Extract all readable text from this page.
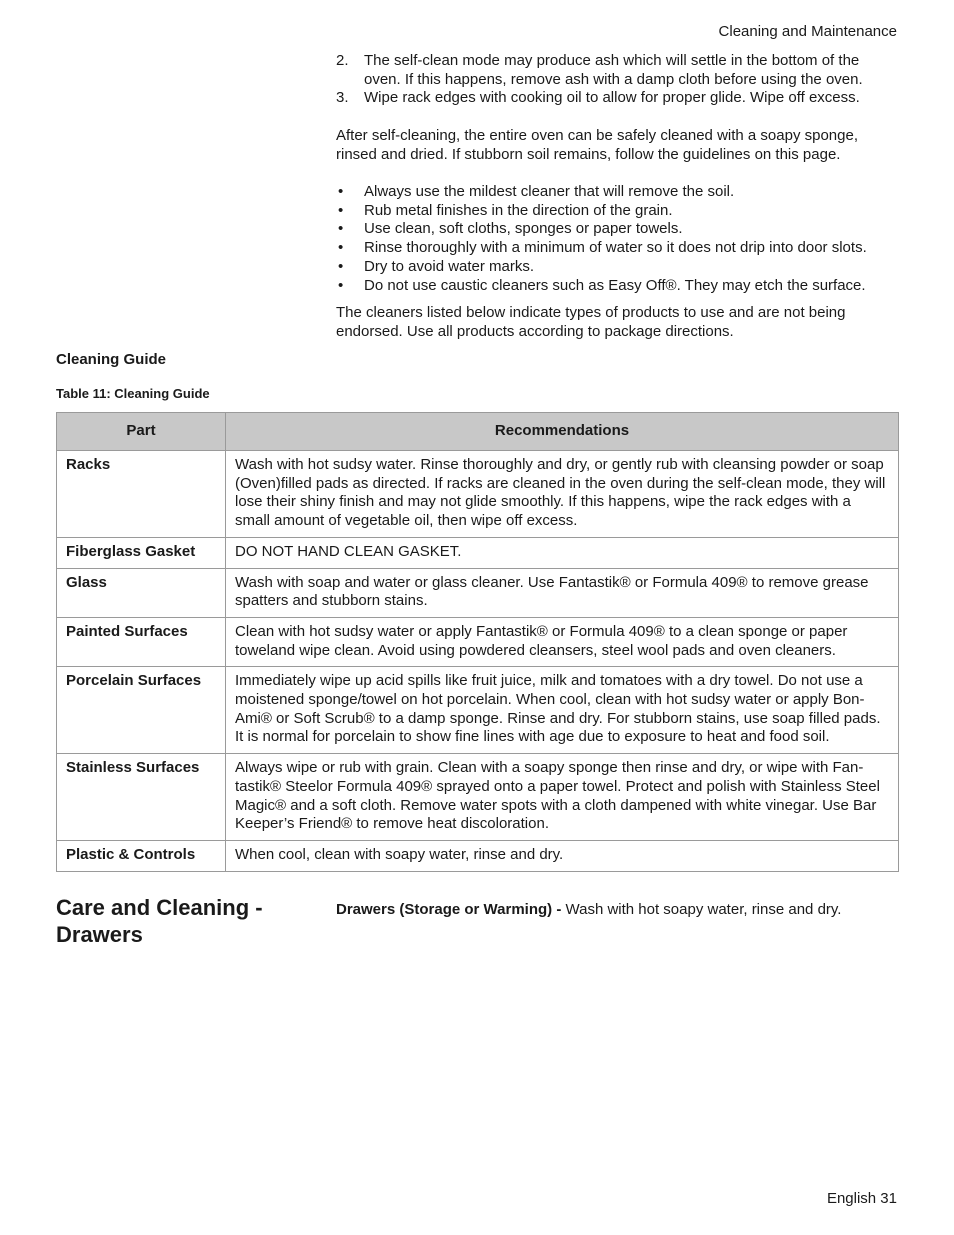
Cleaning and Maintenance
2. The self-clean mode may produce ash which will settle in the bottom of the oven. If this happens, remove ash with a damp cloth before using the oven.
3. Wipe rack edges with cooking oil to allow for proper glide. Wipe off excess.
After self-cleaning, the entire oven can be safely cleaned with a soapy sponge, rinsed and dried. If stubborn soil remains, follow the guidelines on this page.
• Always use the mildest cleaner that will remove the soil.
• Rub metal finishes in the direction of the grain.
• Use clean, soft cloths, sponges or paper towels.
• Rinse thoroughly with a minimum of water so it does not drip into door slots.
• Dry to avoid water marks.
• Do not use caustic cleaners such as Easy Off®. They may etch the surface.
The cleaners listed below indicate types of products to use and are not being endorsed. Use all products according to package directions.
Cleaning Guide
Table 11: Cleaning Guide
Part	Recommendations
Racks	Wash with hot sudsy water. Rinse thoroughly and dry, or gently rub with cleansing powder or soap (Oven)filled pads as directed. If racks are cleaned in the oven during the self-clean mode, they will lose their shiny finish and may not glide smoothly. If this happens, wipe the rack edges with a small amount of vegetable oil, then wipe off excess.
Fiberglass Gasket	DO NOT HAND CLEAN GASKET.
Glass	Wash with soap and water or glass cleaner. Use Fantastik® or Formula 409® to remove grease spatters and stubborn stains.
Painted Surfaces	Clean with hot sudsy water or apply Fantastik® or Formula 409® to a clean sponge or paper toweland wipe clean. Avoid using powdered cleansers, steel wool pads and oven cleaners.
Porcelain Surfaces	Immediately wipe up acid spills like fruit juice, milk and tomatoes with a dry towel. Do not use a moistened sponge/towel on hot porcelain. When cool, clean with hot sudsy water or apply Bon-Ami® or Soft Scrub® to a damp sponge. Rinse and dry. For stubborn stains, use soap filled pads. It is normal for porcelain to show fine lines with age due to exposure to heat and food soil.
Stainless Surfaces	Always wipe or rub with grain. Clean with a soapy sponge then rinse and dry, or wipe with Fan-tastik® Steelor Formula 409® sprayed onto a paper towel. Protect and polish with Stainless Steel Magic® and a soft cloth. Remove water spots with a cloth dampened with white vinegar. Use Bar Keeper’s Friend® to remove heat discoloration.
Plastic & Controls	When cool, clean with soapy water, rinse and dry.
Care and Cleaning - Drawers
Drawers (Storage or Warming) - Wash with hot soapy water, rinse and dry.
English 31
